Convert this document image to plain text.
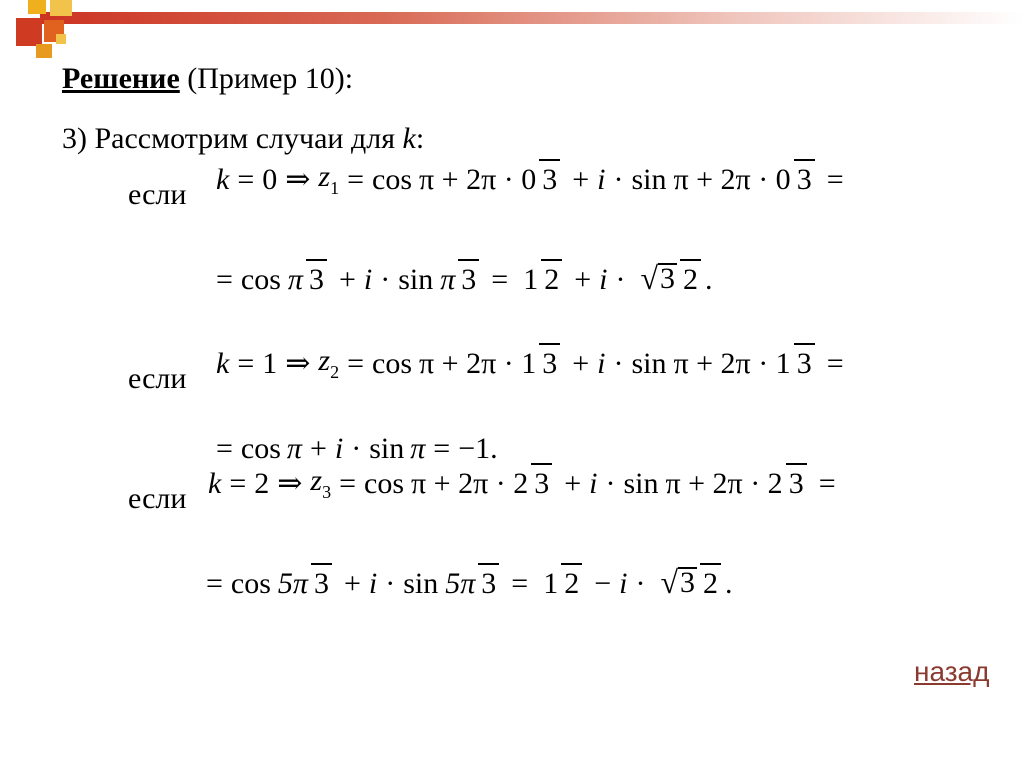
Решение (Пример 10):
3) Рассмотрим случаи для k:
если k = 0 ⇒ $z_1 = \cos \pi + 2\pi \cdot 0$ 3 + i · sin π + 2π · 0 3 =
= cos π 3 + i · sin π 3 = 1 2 + i · √ 3 2 .
если k = 1 ⇒ $z_2 = \cos \pi + 2\pi \cdot 1$ 3 + i · sin π + 2π · 1 3 =
= cos π + i · sin π = −1.
если k = 2 ⇒ $z_3 = \cos \pi + 2\pi \cdot 2$ 3 + i · sin π + 2π · 2 3 =
= cos 5π 3 + i · sin 5π 3 = 1 2 − i · √ 3 2 .
назад
